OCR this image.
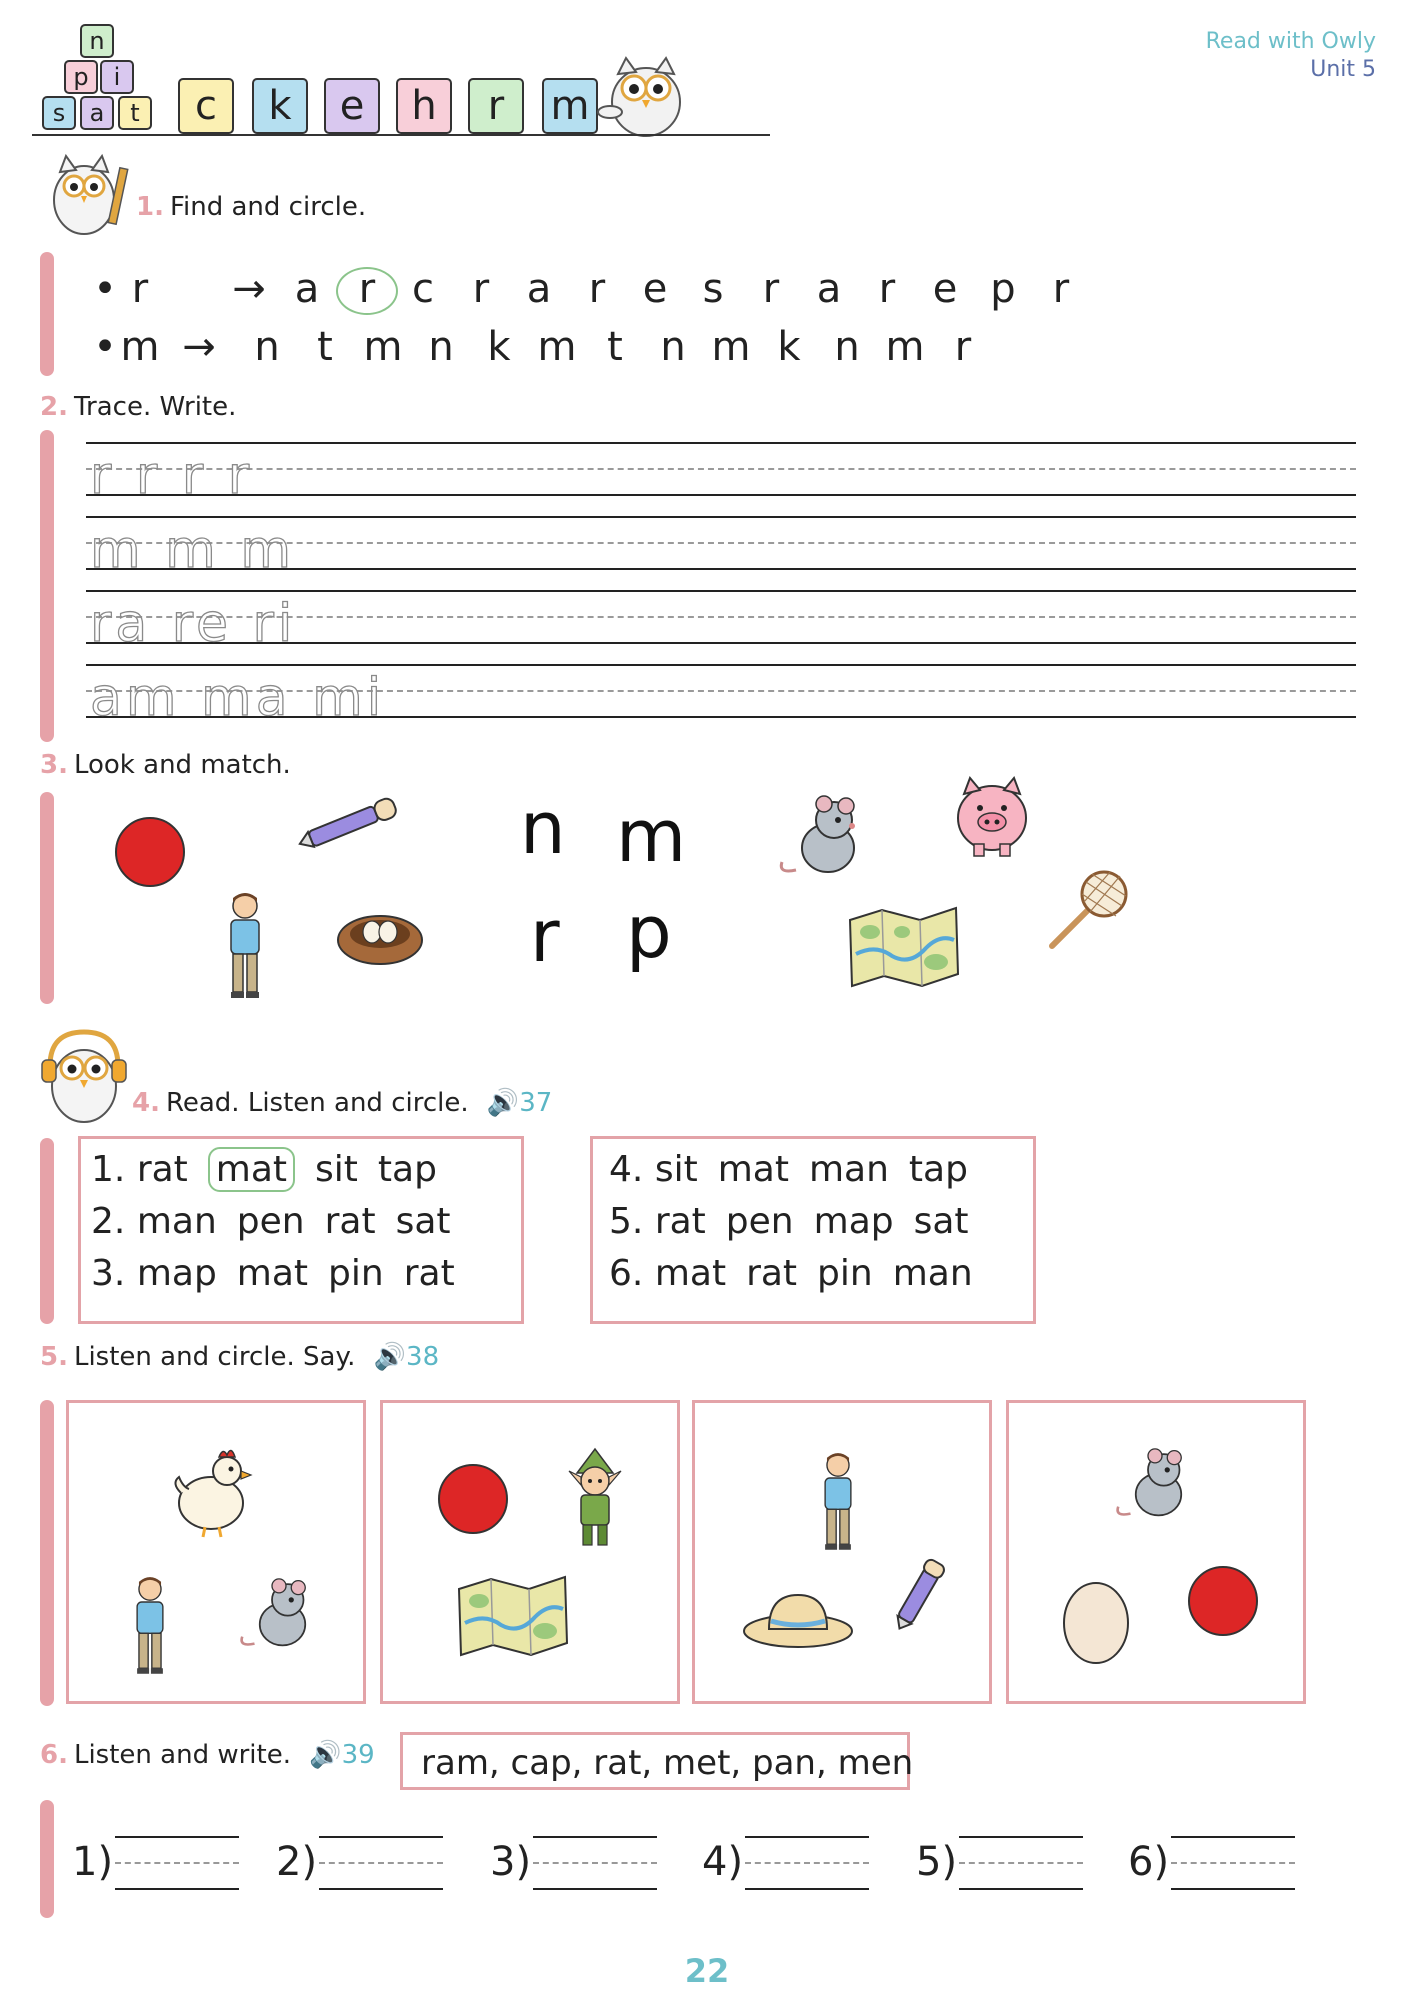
n
p	i
s	a	t	c	k	e	h	r	m
Read with Owly
Unit 5
1. Find and circle.
• r → a r c r a r e s r a r e p r
•m → n t m n k m t n m k n m r
2. Trace. Write.
r r r r
m m m
ra re ri
am ma mi
3. Look and match.
n m
r p
4. Read. Listen and circle. 🔊37
1. rat mat sit tap
2. man pen rat sat
3. map mat pin rat
4. sit mat man tap
5. rat pen map sat
6. mat rat pin man
5. Listen and circle. Say. 🔊38
6. Listen and write. 🔊39	ram, cap, rat, met, pan, men
1)	2)	3)	4)	5)	6)
22
